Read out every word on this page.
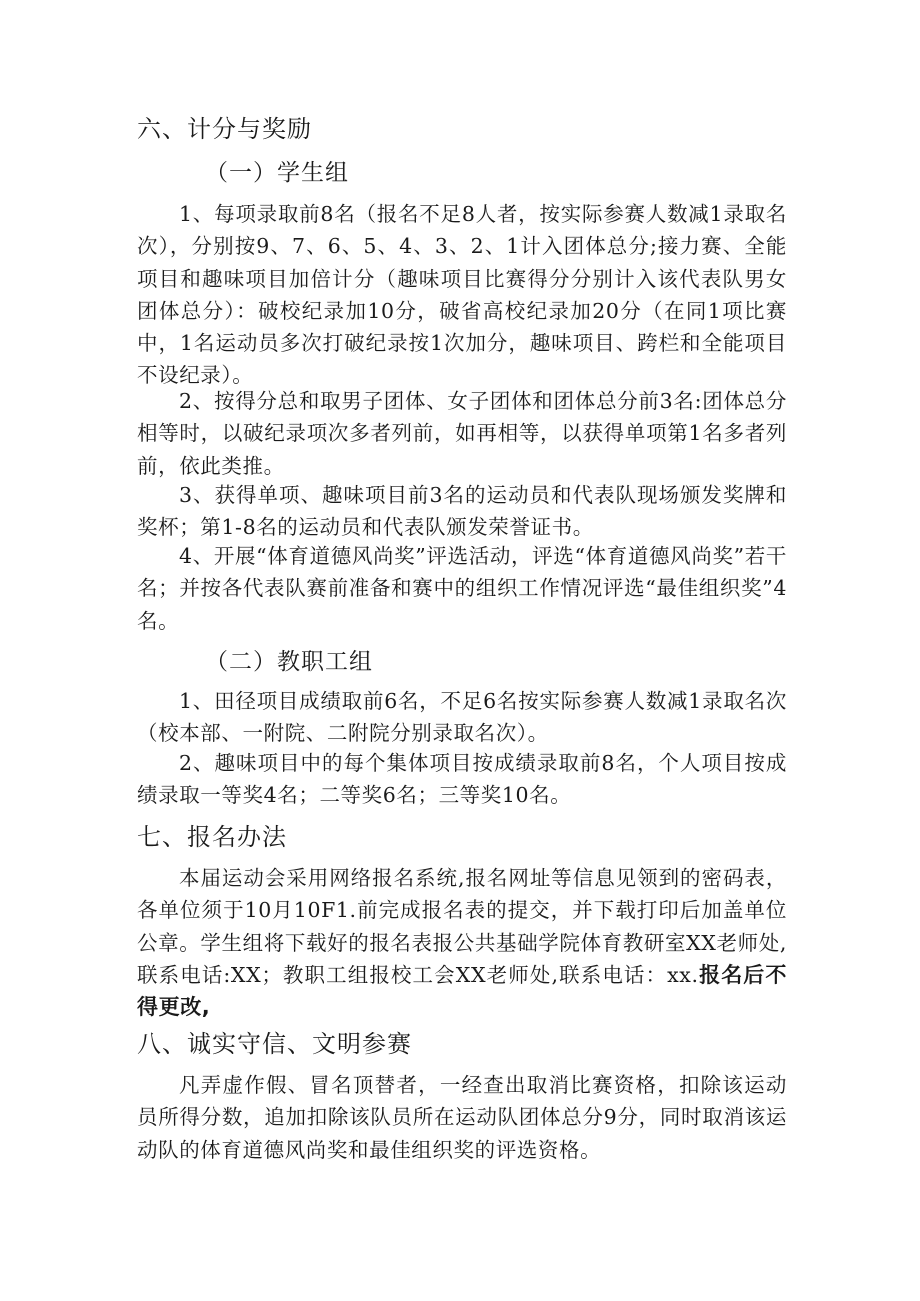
六、计分与奖励
（一）学生组

1、每项录取前8名（报名不足8人者，按实际参赛人数减1录取名次），分别按9、7、6、5、4、3、2、1计入团体总分;接力赛、全能项目和趣味项目加倍计分（趣味项目比赛得分分别计入该代表队男女团体总分）：破校纪录加10分，破省高校纪录加20分（在同1项比赛中，1名运动员多次打破纪录按1次加分，趣味项目、跨栏和全能项目不设纪录）。

2、按得分总和取男子团体、女子团体和团体总分前3名:团体总分相等时，以破纪录项次多者列前，如再相等，以获得单项第1名多者列前，依此类推。

3、获得单项、趣味项目前3名的运动员和代表队现场颁发奖牌和奖杯；第1-8名的运动员和代表队颁发荣誉证书。

4、开展“体育道德风尚奖”评选活动，评选“体育道德风尚奖”若干名；并按各代表队赛前准备和赛中的组织工作情况评选“最佳组织奖”4名。

（二）教职工组

1、田径项目成绩取前6名，不足6名按实际参赛人数减1录取名次（校本部、一附院、二附院分别录取名次）。

2、趣味项目中的每个集体项目按成绩录取前8名，个人项目按成绩录取一等奖4名；二等奖6名；三等奖10名。

七、报名办法

本届运动会采用网络报名系统,报名网址等信息见领到的密码表，各单位须于10月10F1.前完成报名表的提交，并下载打印后加盖单位公章。学生组将下载好的报名表报公共基础学院体育教研室XX老师处,联系电话:XX；教职工组报校工会XX老师处,联系电话：xx.报名后不得更改,

八、诚实守信、文明参赛

凡弄虚作假、冒名顶替者，一经查出取消比赛资格，扣除该运动员所得分数，追加扣除该队员所在运动队团体总分9分，同时取消该运动队的体育道德风尚奖和最佳组织奖的评选资格。
